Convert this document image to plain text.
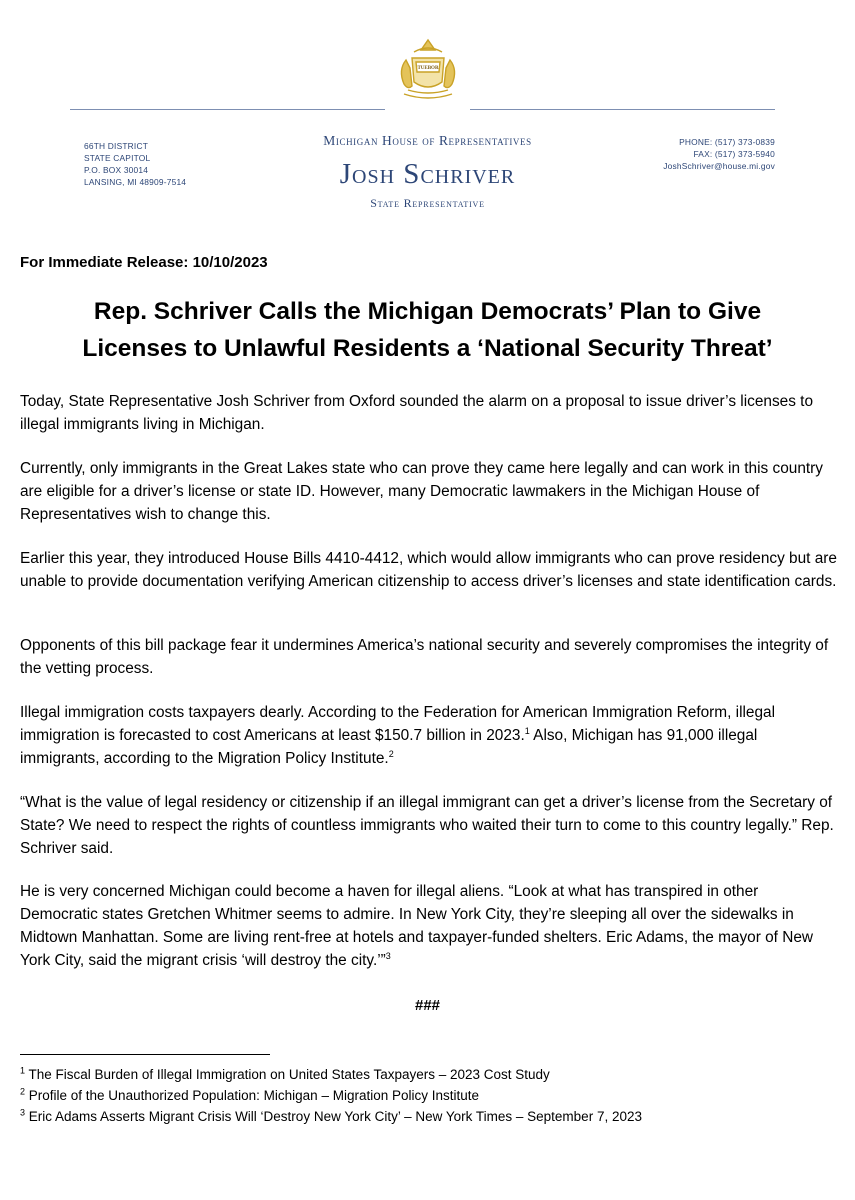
TUEBOR
66TH DISTRICT
STATE CAPITOL
P.O. BOX 30014
LANSING, MI 48909-7514
Michigan House of Representatives
Josh Schriver
State Representative
PHONE: (517) 373-0839
FAX: (517) 373-5940
JoshSchriver@house.mi.gov
For Immediate Release: 10/10/2023
Rep. Schriver Calls the Michigan Democrats’ Plan to Give
Licenses to Unlawful Residents a ‘National Security Threat’
Today, State Representative Josh Schriver from Oxford sounded the alarm on a proposal to issue driver’s licenses to illegal immigrants living in Michigan.
Currently, only immigrants in the Great Lakes state who can prove they came here legally and can work in this country are eligible for a driver’s license or state ID. However, many Democratic lawmakers in the Michigan House of Representatives wish to change this.
Earlier this year, they introduced House Bills 4410-4412, which would allow immigrants who can prove residency but are unable to provide documentation verifying American citizenship to access driver’s licenses and state identification cards.
Opponents of this bill package fear it undermines America’s national security and severely compromises the integrity of the vetting process.
Illegal immigration costs taxpayers dearly. According to the Federation for American Immigration Reform, illegal immigration is forecasted to cost Americans at least $150.7 billion in 2023.$^1$ Also, Michigan has 91,000 illegal immigrants, according to the Migration Policy Institute.$^2$
“What is the value of legal residency or citizenship if an illegal immigrant can get a driver’s license from the Secretary of State? We need to respect the rights of countless immigrants who waited their turn to come to this country legally.” Rep. Schriver said.
He is very concerned Michigan could become a haven for illegal aliens. “Look at what has transpired in other Democratic states Gretchen Whitmer seems to admire. In New York City, they’re sleeping all over the sidewalks in Midtown Manhattan. Some are living rent-free at hotels and taxpayer-funded shelters. Eric Adams, the mayor of New York City, said the migrant crisis ‘will destroy the city.’”$^3$
###
$^1$ The Fiscal Burden of Illegal Immigration on United States Taxpayers – 2023 Cost Study
$^2$ Profile of the Unauthorized Population: Michigan – Migration Policy Institute
$^3$ Eric Adams Asserts Migrant Crisis Will ‘Destroy New York City’ – New York Times – September 7, 2023
